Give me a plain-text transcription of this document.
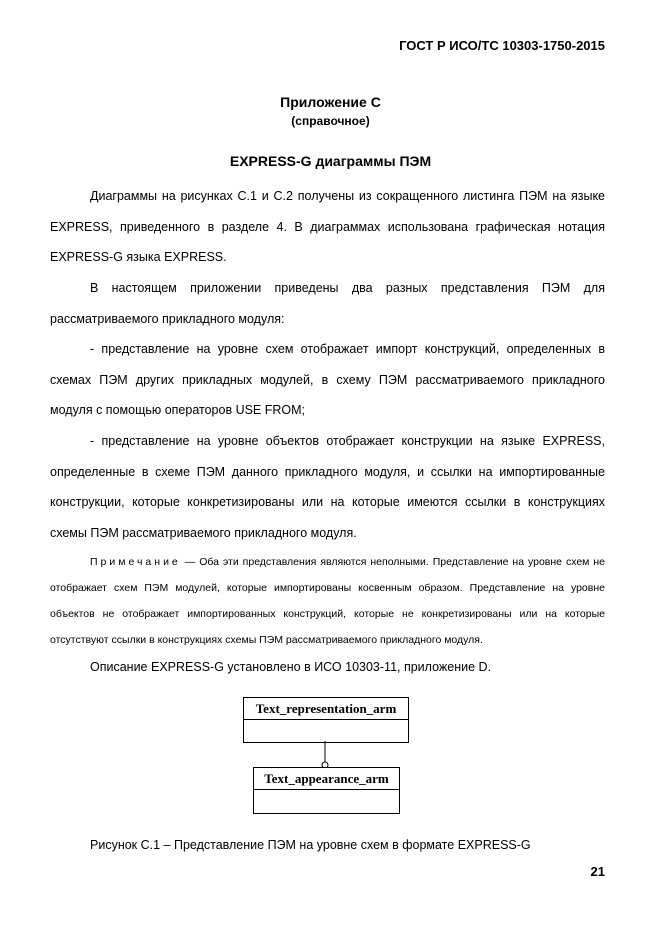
ГОСТ Р ИСО/ТС 10303-1750-2015
Приложение С
(справочное)
EXPRESS-G диаграммы ПЭМ
Диаграммы на рисунках С.1 и С.2 получены из сокращенного листинга ПЭМ на языке EXPRESS, приведенного в разделе 4. В диаграммах использована графическая нотация EXPRESS-G языка EXPRESS.
В настоящем приложении приведены два разных представления ПЭМ для рассматриваемого прикладного модуля:
- представление на уровне схем отображает импорт конструкций, определенных в схемах ПЭМ других прикладных модулей, в схему ПЭМ рассматриваемого прикладного модуля с помощью операторов USE FROM;
- представление на уровне объектов отображает конструкции на языке EXPRESS, определенные в схеме ПЭМ данного прикладного модуля, и ссылки на импортированные конструкции, которые конкретизированы или на которые имеются ссылки в конструкциях схемы ПЭМ рассматриваемого прикладного модуля.
Примечание — Оба эти представления являются неполными. Представление на уровне схем не отображает схем ПЭМ модулей, которые импортированы косвенным образом. Представление на уровне объектов не отображает импортированных конструкций, которые не конкретизированы или на которые отсутствуют ссылки в конструкциях схемы ПЭМ рассматриваемого прикладного модуля.
Описание EXPRESS-G установлено в ИСО 10303-11, приложение D.
Text_representation_arm
Text_appearance_arm
Рисунок С.1 – Представление ПЭМ на уровне схем в формате EXPRESS-G
21
